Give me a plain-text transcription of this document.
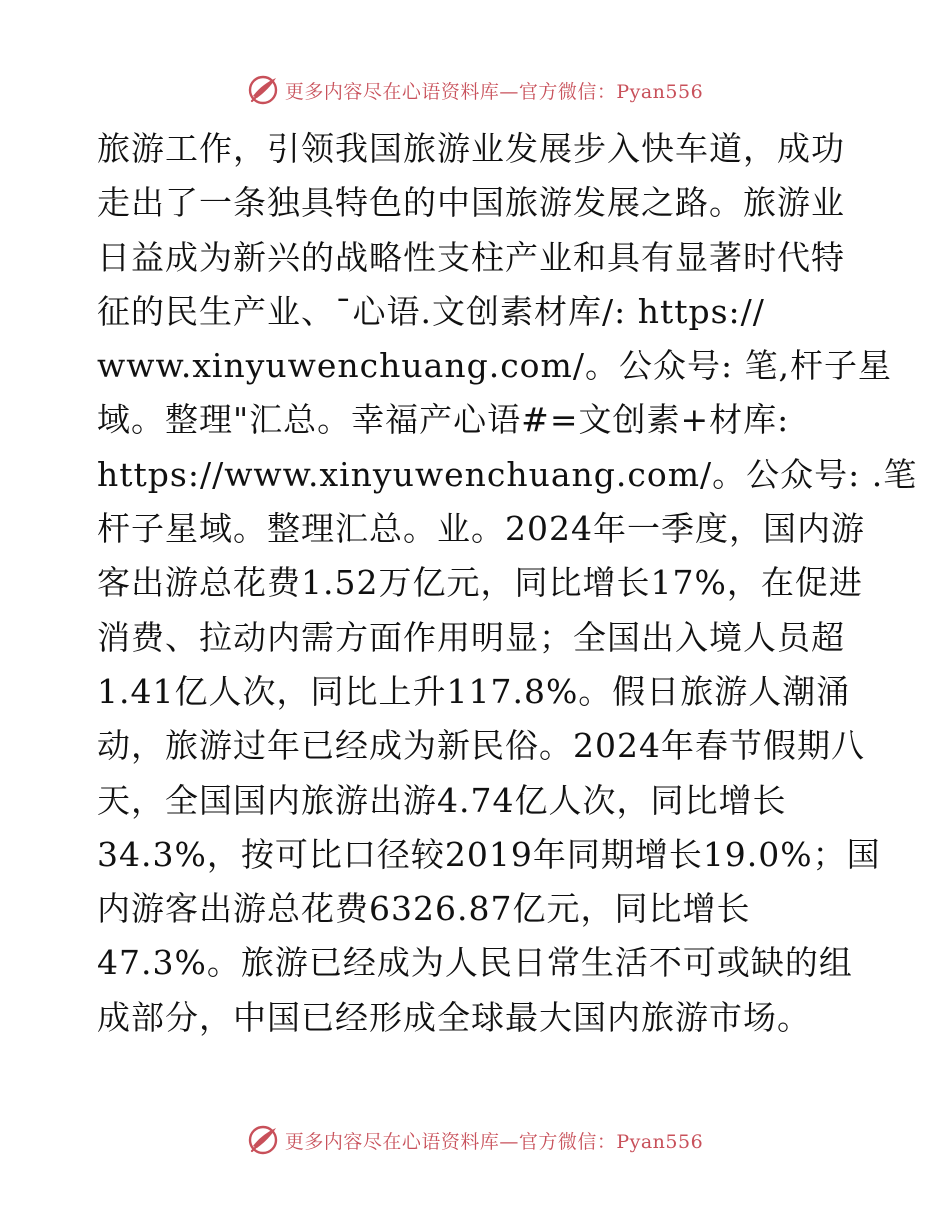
更多内容尽在心语资料库—官方微信：Pyan556
旅游工作，引领我国旅游业发展步入快车道，成功
走出了一条独具特色的中国旅游发展之路。旅游业
日益成为新兴的战略性支柱产业和具有显著时代特
征的民生产业、¯心语.文创素材库/: https://
www.xinyuwenchuang.com/。公众号: 笔,杆子星
域。整理"汇总。幸福产心语#=文创素+材库:
https://www.xinyuwenchuang.com/。公众号: .笔
杆子星域。整理汇总。业。2024年一季度，国内游
客出游总花费1.52万亿元，同比增长17%，在促进
消费、拉动内需方面作用明显；全国出入境人员超
1.41亿人次，同比上升117.8%。假日旅游人潮涌
动，旅游过年已经成为新民俗。2024年春节假期八
天，全国国内旅游出游4.74亿人次，同比增长
34.3%，按可比口径较2019年同期增长19.0%；国
内游客出游总花费6326.87亿元，同比增长
47.3%。旅游已经成为人民日常生活不可或缺的组
成部分，中国已经形成全球最大国内旅游市场。
更多内容尽在心语资料库—官方微信：Pyan556
